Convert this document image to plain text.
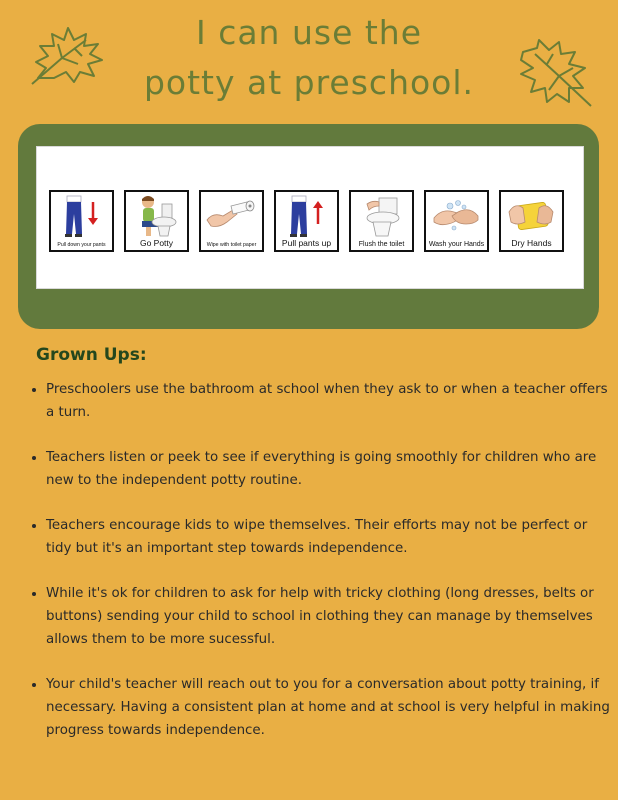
I can use the
potty at preschool.
Pull down your pants	Go Potty	Wipe with toilet paper	Pull pants up	Flush the toilet	Wash your Hands	Dry Hands
Grown Ups:
• Preschoolers use the bathroom at school when they ask to or when a teacher offers a turn.
• Teachers listen or peek to see if everything is going smoothly for children who are new to the independent potty routine.
• Teachers encourage kids to wipe themselves. Their efforts may not be perfect or tidy but it's an important step towards independence.
• While it's ok for children to ask for help with tricky clothing (long dresses, belts or buttons) sending your child to school in clothing they can manage by themselves allows them to be more sucessful.
• Your child's teacher will reach out to you for a conversation about potty training, if necessary. Having a consistent plan at home and at school is very helpful in making progress towards independence.
